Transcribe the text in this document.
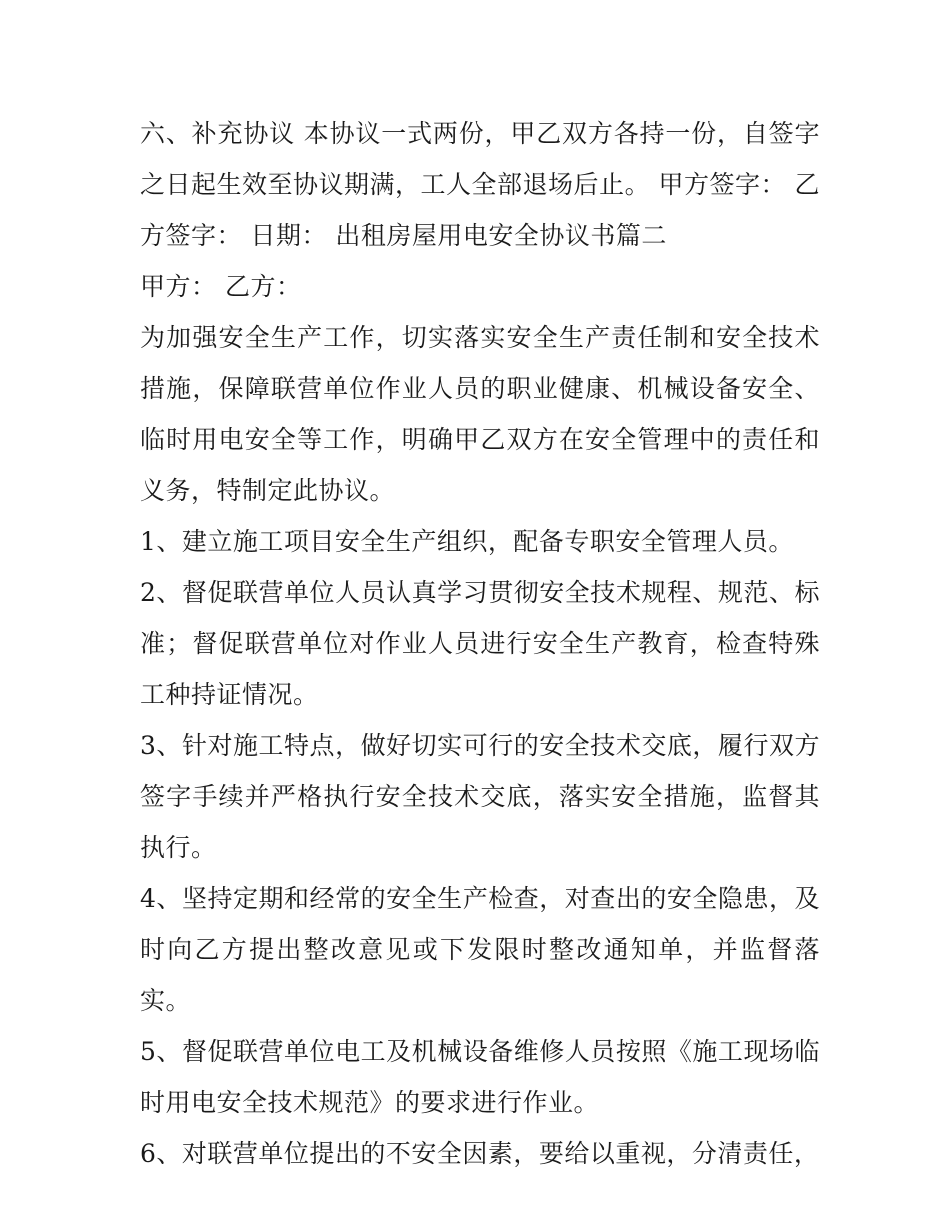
六、补充协议 本协议一式两份，甲乙双方各持一份，自签字之日起生效至协议期满，工人全部退场后止。 甲方签字： 乙方签字： 日期： 出租房屋用电安全协议书篇二

甲方： 乙方：

为加强安全生产工作，切实落实安全生产责任制和安全技术措施，保障联营单位作业人员的职业健康、机械设备安全、临时用电安全等工作，明确甲乙双方在安全管理中的责任和义务，特制定此协议。

1、建立施工项目安全生产组织，配备专职安全管理人员。

2、督促联营单位人员认真学习贯彻安全技术规程、规范、标准；督促联营单位对作业人员进行安全生产教育，检查特殊工种持证情况。

3、针对施工特点，做好切实可行的安全技术交底，履行双方签字手续并严格执行安全技术交底，落实安全措施，监督其执行。

4、坚持定期和经常的安全生产检查，对查出的安全隐患，及时向乙方提出整改意见或下发限时整改通知单，并监督落实。

5、督促联营单位电工及机械设备维修人员按照《施工现场临时用电安全技术规范》的要求进行作业。

6、对联营单位提出的不安全因素，要给以重视，分清责任，
